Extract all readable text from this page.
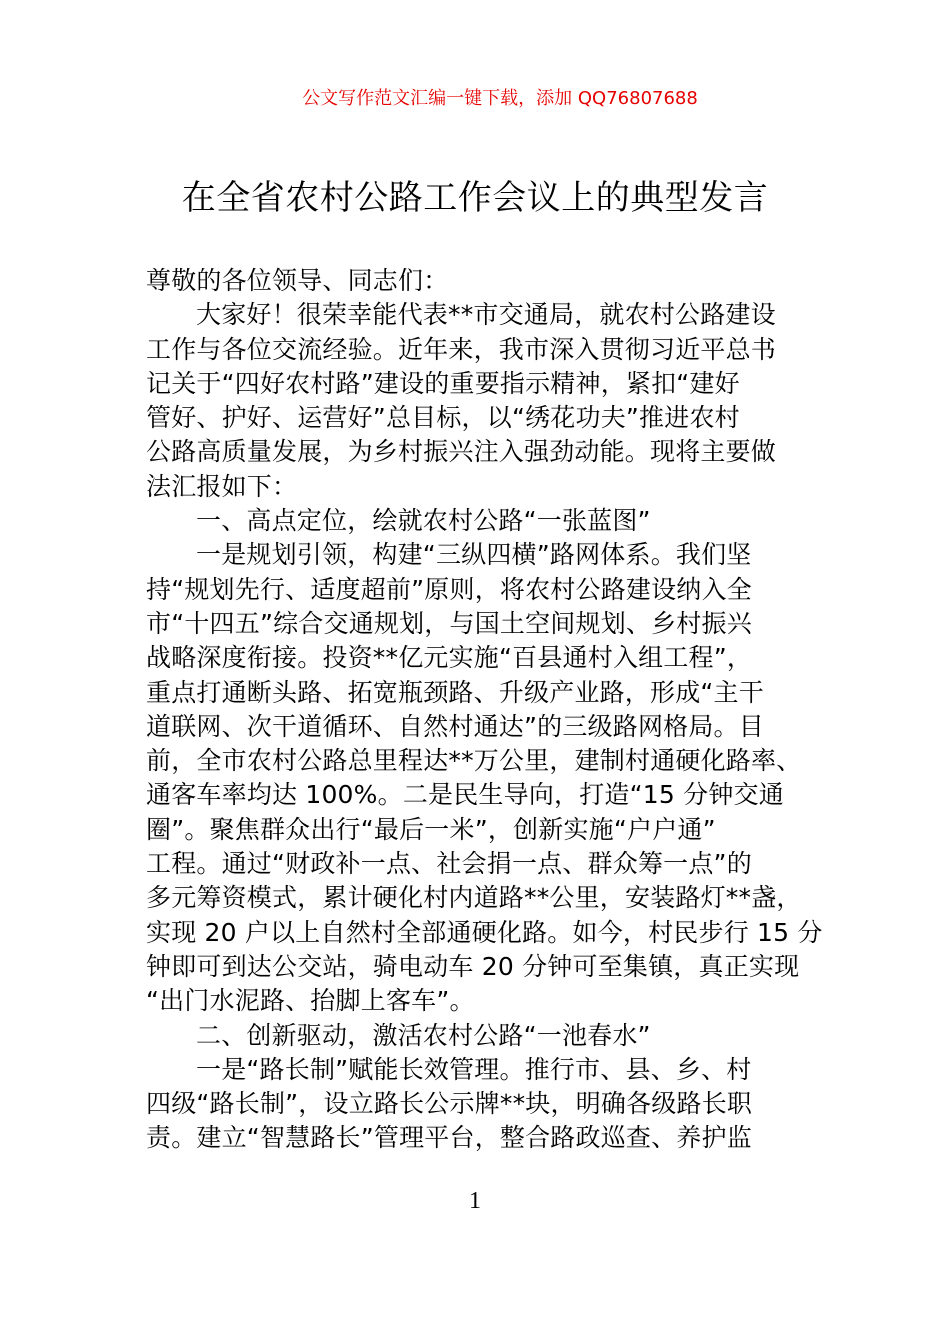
公文写作范文汇编一键下载，添加 QQ76807688
在全省农村公路工作会议上的典型发言

尊敬的各位领导、同志们：

大家好！很荣幸能代表**市交通局，就农村公路建设

工作与各位交流经验。近年来，我市深入贯彻习近平总书

记关于“四好农村路”建设的重要指示精神，紧扣“建好

管好、护好、运营好”总目标，以“绣花功夫”推进农村

公路高质量发展，为乡村振兴注入强劲动能。现将主要做

法汇报如下：

一、高点定位，绘就农村公路“一张蓝图”

一是规划引领，构建“三纵四横”路网体系。我们坚

持“规划先行、适度超前”原则，将农村公路建设纳入全

市“十四五”综合交通规划，与国土空间规划、乡村振兴

战略深度衔接。投资**亿元实施“百县通村入组工程”，

重点打通断头路、拓宽瓶颈路、升级产业路，形成“主干

道联网、次干道循环、自然村通达”的三级路网格局。目

前，全市农村公路总里程达**万公里，建制村通硬化路率、

通客车率均达 100%。二是民生导向，打造“15 分钟交通

圈”。聚焦群众出行“最后一米”，创新实施“户户通”

工程。通过“财政补一点、社会捐一点、群众筹一点”的

多元筹资模式，累计硬化村内道路**公里，安装路灯**盏，

实现 20 户以上自然村全部通硬化路。如今，村民步行 15 分

钟即可到达公交站，骑电动车 20 分钟可至集镇，真正实现

“出门水泥路、抬脚上客车”。

二、创新驱动，激活农村公路“一池春水”

一是“路长制”赋能长效管理。推行市、县、乡、村

四级“路长制”，设立路长公示牌**块，明确各级路长职

责。建立“智慧路长”管理平台，整合路政巡查、养护监

1
